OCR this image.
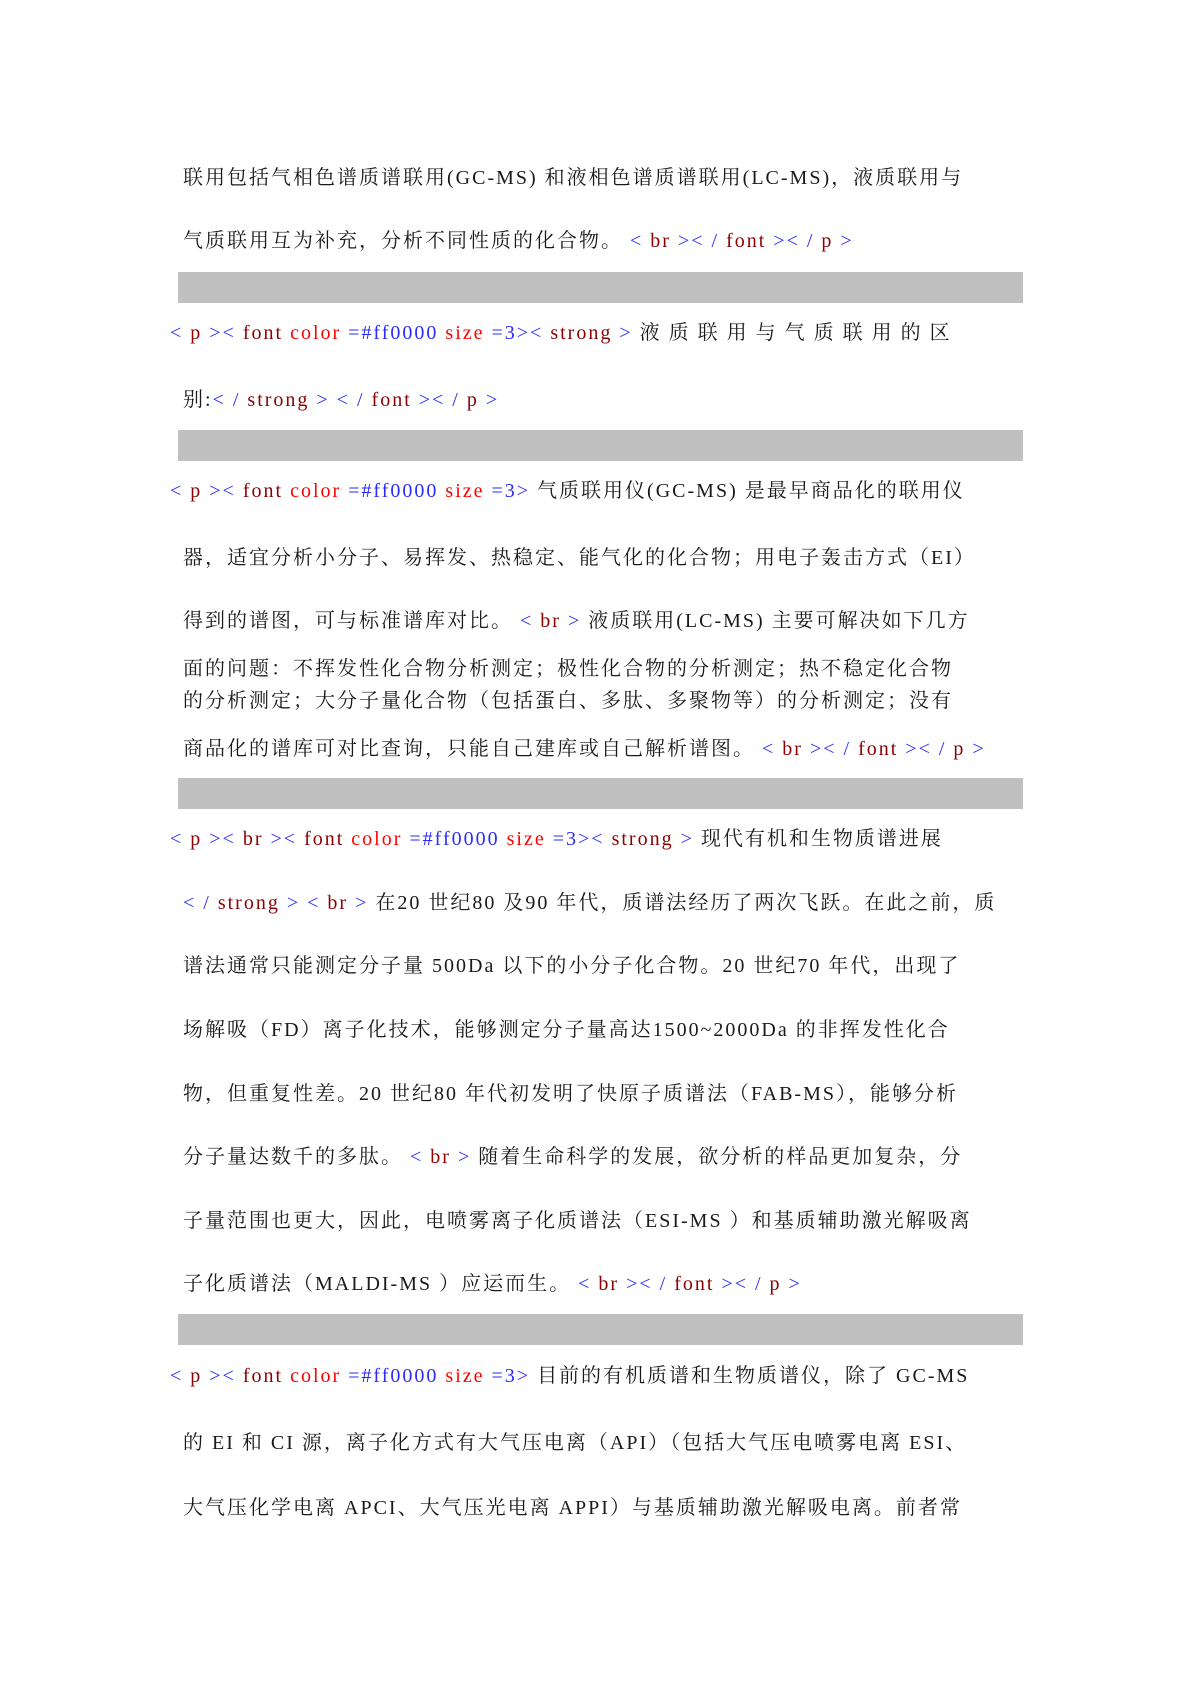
联用包括气相色谱质谱联用(GC-MS) 和液相色谱质谱联用(LC-MS)，液质联用与
气质联用互为补充，分析不同性质的化合物。 < br >< / font >< / p >
< p >< font color =#ff0000 size =3>< strong > 液 质 联 用 与 气 质 联 用 的 区
别:< / strong > < / font >< / p >
< p >< font color =#ff0000 size =3> 气质联用仪(GC-MS) 是最早商品化的联用仪
器，适宜分析小分子、易挥发、热稳定、能气化的化合物；用电子轰击方式（EI）
得到的谱图，可与标准谱库对比。 < br > 液质联用(LC-MS) 主要可解决如下几方
面的问题：不挥发性化合物分析测定；极性化合物的分析测定；热不稳定化合物
的分析测定；大分子量化合物（包括蛋白、多肽、多聚物等）的分析测定；没有
商品化的谱库可对比查询，只能自己建库或自己解析谱图。 < br >< / font >< / p >
< p >< br >< font color =#ff0000 size =3>< strong > 现代有机和生物质谱进展
< / strong > < br > 在20 世纪80 及90 年代，质谱法经历了两次飞跃。在此之前，质
谱法通常只能测定分子量 500Da 以下的小分子化合物。20 世纪70 年代，出现了
场解吸（FD）离子化技术，能够测定分子量高达1500~2000Da 的非挥发性化合
物，但重复性差。20 世纪80 年代初发明了快原子质谱法（FAB-MS），能够分析
分子量达数千的多肽。 < br > 随着生命科学的发展，欲分析的样品更加复杂，分
子量范围也更大，因此，电喷雾离子化质谱法（ESI-MS ）和基质辅助激光解吸离
子化质谱法（MALDI-MS ）应运而生。 < br >< / font >< / p >
< p >< font color =#ff0000 size =3> 目前的有机质谱和生物质谱仪，除了 GC-MS
的 EI 和 CI 源，离子化方式有大气压电离（API）（包括大气压电喷雾电离 ESI、
大气压化学电离 APCI、大气压光电离 APPI）与基质辅助激光解吸电离。前者常
